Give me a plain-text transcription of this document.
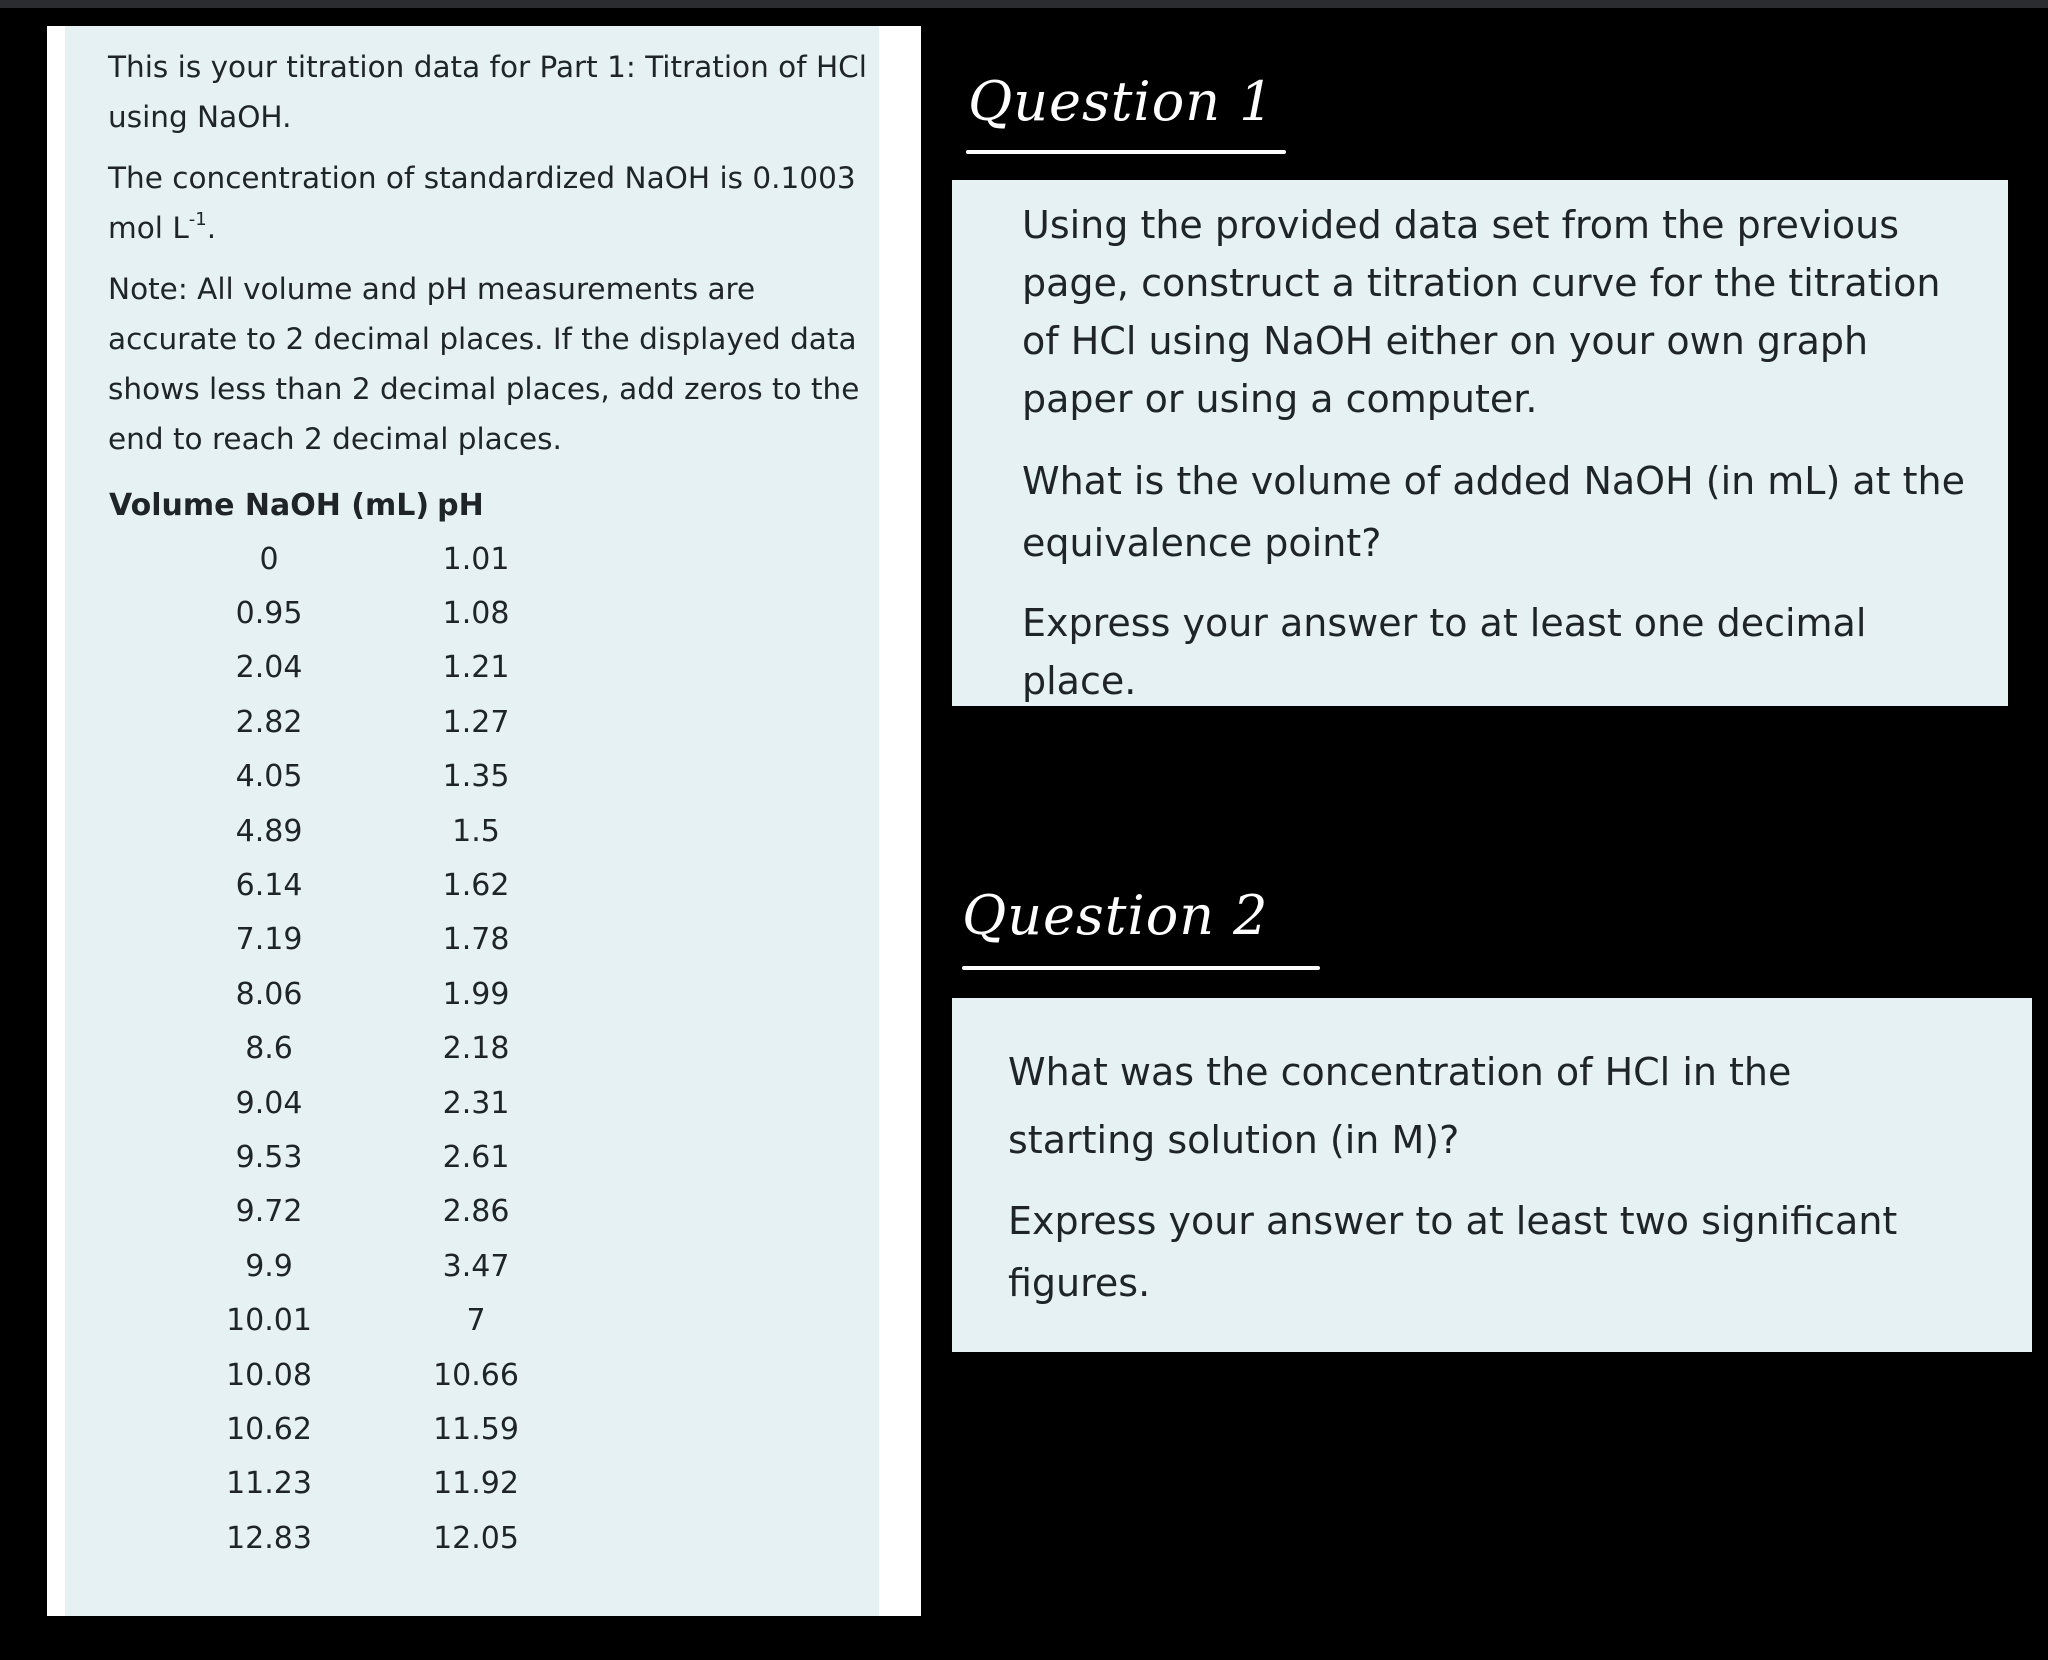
This is your titration data for Part 1: Titration of HCl using NaOH.

The concentration of standardized NaOH is 0.1003 mol $L^{-1}$.

Note: All volume and pH measurements are accurate to 2 decimal places. If the displayed data shows less than 2 decimal places, add zeros to the end to reach 2 decimal places.

Volume NaOH (mL)	pH
0	1.01
0.95	1.08
2.04	1.21
2.82	1.27
4.05	1.35
4.89	1.5
6.14	1.62
7.19	1.78
8.06	1.99
8.6	2.18
9.04	2.31
9.53	2.61
9.72	2.86
9.9	3.47
10.01	7
10.08	10.66
10.62	11.59
11.23	11.92
12.83	12.05
Question 1

Using the provided data set from the previous page, construct a titration curve for the titration of HCl using NaOH either on your own graph paper or using a computer.

What is the volume of added NaOH (in mL) at the equivalence point?

Express your answer to at least one decimal place.

Question 2

What was the concentration of HCl in the starting solution (in M)?

Express your answer to at least two significant figures.
